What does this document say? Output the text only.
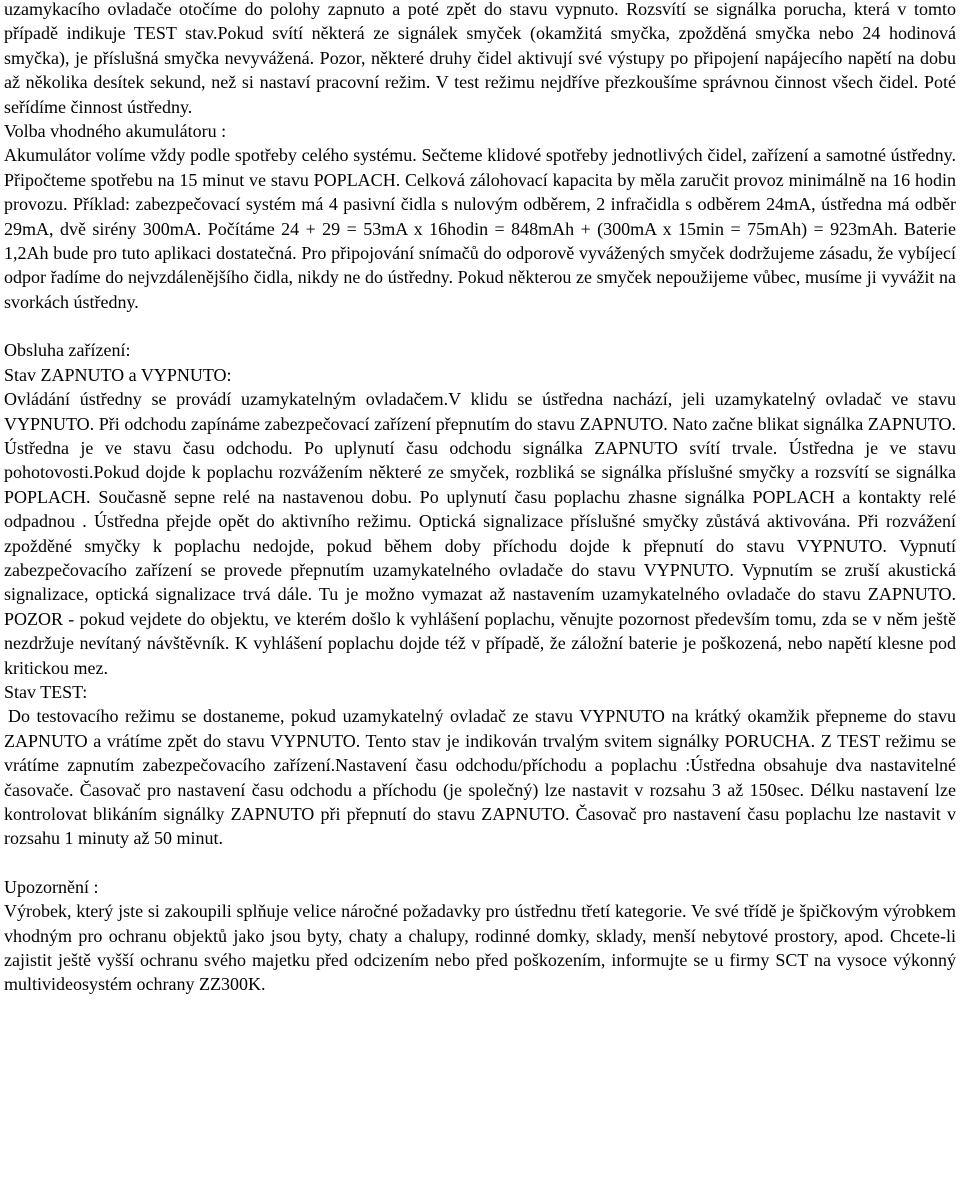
uzamykacího ovladače otočíme do polohy zapnuto a poté zpět do stavu vypnuto. Rozsvítí se signálka porucha, která v tomto případě indikuje TEST stav.Pokud svítí některá ze signálek smyček (okamžitá smyčka, zpožděná smyčka nebo 24 hodinová smyčka), je příslušná smyčka nevyvážená. Pozor, některé druhy čidel aktivují své výstupy po připojení napájecího napětí na dobu až několika desítek sekund, než si nastaví pracovní režim. V test režimu nejdříve přezkoušíme správnou činnost všech čidel. Poté seřídíme činnost ústředny.

Volba vhodného akumulátoru :

Akumulátor volíme vždy podle spotřeby celého systému. Sečteme klidové spotřeby jednotlivých čidel, zařízení a samotné ústředny. Připočteme spotřebu na 15 minut ve stavu POPLACH. Celková zálohovací kapacita by měla zaručit provoz minimálně na 16 hodin provozu. Příklad: zabezpečovací systém má 4 pasivní čidla s nulovým odběrem, 2 infračidla s odběrem 24mA, ústředna má odběr 29mA, dvě sirény 300mA. Počítáme 24 + 29 = 53mA x 16hodin = 848mAh + (300mA x 15min = 75mAh) = 923mAh. Baterie 1,2Ah bude pro tuto aplikaci dostatečná. Pro připojování snímačů do odporově vyvážených smyček dodržujeme zásadu, že vybíjecí odpor řadíme do nejvzdálenějšího čidla, nikdy ne do ústředny. Pokud některou ze smyček nepoužijeme vůbec, musíme ji vyvážit na svorkách ústředny.

Obsluha zařízení:

Stav ZAPNUTO a VYPNUTO:

Ovládání ústředny se provádí uzamykatelným ovladačem.V klidu se ústředna nachází, jeli uzamykatelný ovladač ve stavu VYPNUTO. Při odchodu zapínáme zabezpečovací zařízení přepnutím do stavu ZAPNUTO. Nato začne blikat signálka ZAPNUTO. Ústředna je ve stavu času odchodu. Po uplynutí času odchodu signálka ZAPNUTO svítí trvale. Ústředna je ve stavu pohotovosti.Pokud dojde k poplachu rozvážením některé ze smyček, rozbliká se signálka příslušné smyčky a rozsvítí se signálka POPLACH. Současně sepne relé na nastavenou dobu. Po uplynutí času poplachu zhasne signálka POPLACH a kontakty relé odpadnou . Ústředna přejde opět do aktivního režimu. Optická signalizace příslušné smyčky zůstává aktivována. Při rozvážení zpožděné smyčky k poplachu nedojde, pokud během doby příchodu dojde k přepnutí do stavu VYPNUTO. Vypnutí zabezpečovacího zařízení se provede přepnutím uzamykatelného ovladače do stavu VYPNUTO. Vypnutím se zruší akustická signalizace, optická signalizace trvá dále. Tu je možno vymazat až nastavením uzamykatelného ovladače do stavu ZAPNUTO. POZOR - pokud vejdete do objektu, ve kterém došlo k vyhlášení poplachu, věnujte pozornost především tomu, zda se v něm ještě nezdržuje nevítaný návštěvník. K vyhlášení poplachu dojde též v případě, že záložní baterie je poškozená, nebo napětí klesne pod kritickou mez.

Stav TEST:

Do testovacího režimu se dostaneme, pokud uzamykatelný ovladač ze stavu VYPNUTO na krátký okamžik přepneme do stavu ZAPNUTO a vrátíme zpět do stavu VYPNUTO. Tento stav je indikován trvalým svitem signálky PORUCHA. Z TEST režimu se vrátíme zapnutím zabezpečovacího zařízení.Nastavení času odchodu/příchodu a poplachu :Ústředna obsahuje dva nastavitelné časovače. Časovač pro nastavení času odchodu a příchodu (je společný) lze nastavit v rozsahu 3 až 150sec. Délku nastavení lze kontrolovat blikáním signálky ZAPNUTO při přepnutí do stavu ZAPNUTO. Časovač pro nastavení času poplachu lze nastavit v rozsahu 1 minuty až 50 minut.

Upozornění :

Výrobek, který jste si zakoupili splňuje velice náročné požadavky pro ústřednu třetí kategorie. Ve své třídě je špičkovým výrobkem vhodným pro ochranu objektů jako jsou byty, chaty a chalupy, rodinné domky, sklady, menší nebytové prostory, apod. Chcete-li zajistit ještě vyšší ochranu svého majetku před odcizením nebo před poškozením, informujte se u firmy SCT na vysoce výkonný multivideosystém ochrany ZZ300K.
